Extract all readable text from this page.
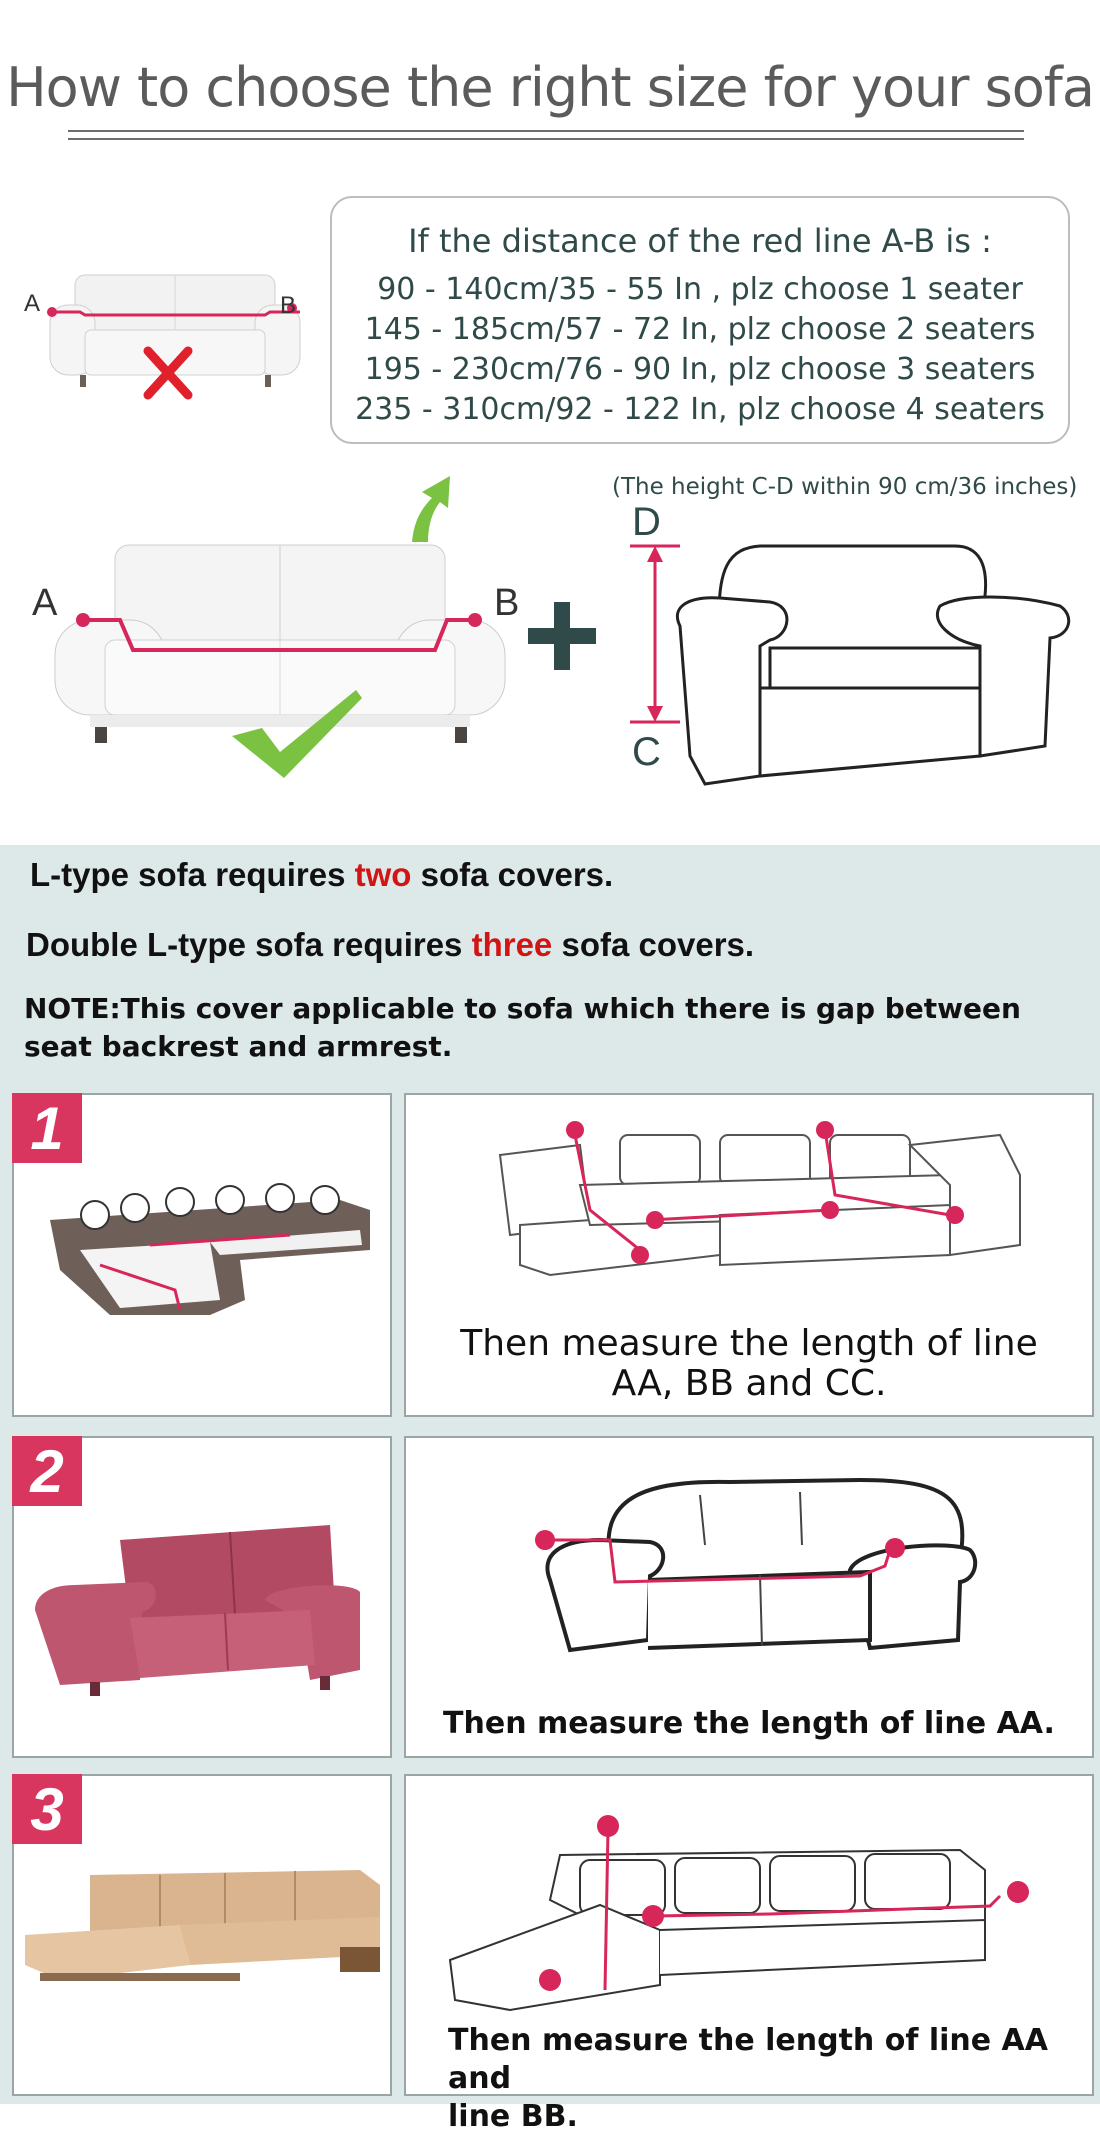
How to choose the right size for your sofa
A	B
If the distance of the red line A-B is :
90 - 140cm/35 - 55 In , plz choose 1 seater
145 - 185cm/57 - 72 In, plz choose 2 seaters
195 - 230cm/76 - 90 In, plz choose 3 seaters
235 - 310cm/92 - 122 In, plz choose 4 seaters
A	B
(The height C-D within 90 cm/36 inches)
D
C
L-type sofa requires two sofa covers.
Double L-type sofa requires three sofa covers.
NOTE:This cover applicable to sofa which there is gap between seat backrest and armrest.
1
Then measure the length of line
AA, BB and CC.
2
Then measure the length of line AA.
3
Then measure the length of line AA and
line BB.
